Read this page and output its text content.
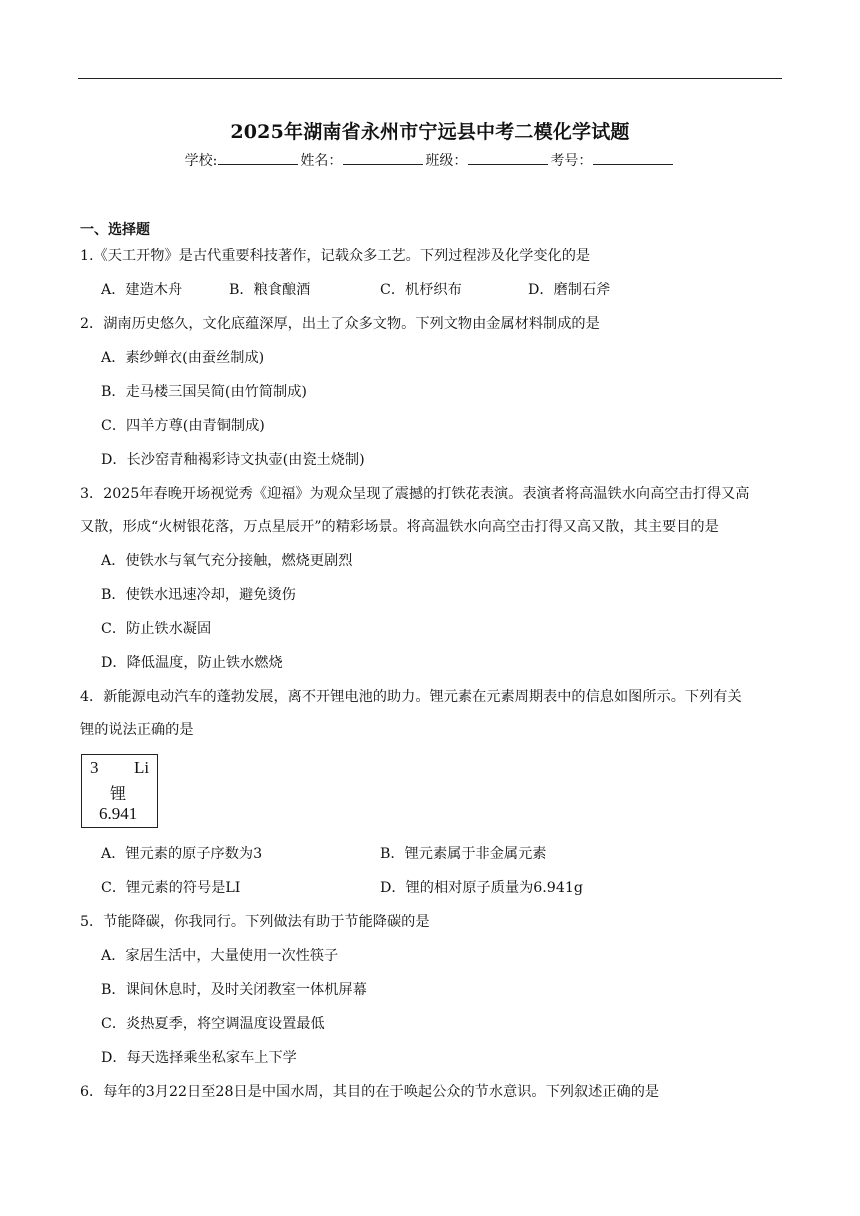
2025年湖南省永州市宁远县中考二模化学试题
学校:	姓名：	班级：	考号：
一、选择题
1.《天工开物》是古代重要科技著作，记载众多工艺。下列过程涉及化学变化的是
A．建造木舟	B．粮食酿酒	C．机杼织布	D．磨制石斧
2．湖南历史悠久，文化底蕴深厚，出土了众多文物。下列文物由金属材料制成的是
A．素纱蝉衣(由蚕丝制成)
B．走马楼三国吴简(由竹简制成)
C．四羊方尊(由青铜制成)
D．长沙窑青釉褐彩诗文执壶(由瓷土烧制)
3．2025年春晚开场视觉秀《迎福》为观众呈现了震撼的打铁花表演。表演者将高温铁水向高空击打得又高
又散，形成“火树银花落，万点星辰开”的精彩场景。将高温铁水向高空击打得又高又散，其主要目的是
A．使铁水与氧气充分接触，燃烧更剧烈
B．使铁水迅速冷却，避免烫伤
C．防止铁水凝固
D．降低温度，防止铁水燃烧
4．新能源电动汽车的蓬勃发展，离不开锂电池的助力。锂元素在元素周期表中的信息如图所示。下列有关
锂的说法正确的是
3 Li
锂
6.941
A．锂元素的原子序数为3	B．锂元素属于非金属元素
C．锂元素的符号是LI	D．锂的相对原子质量为6.941g
5．节能降碳，你我同行。下列做法有助于节能降碳的是
A．家居生活中，大量使用一次性筷子
B．课间休息时，及时关闭教室一体机屏幕
C．炎热夏季，将空调温度设置最低
D．每天选择乘坐私家车上下学
6．每年的3月22日至28日是中国水周，其目的在于唤起公众的节水意识。下列叙述正确的是
